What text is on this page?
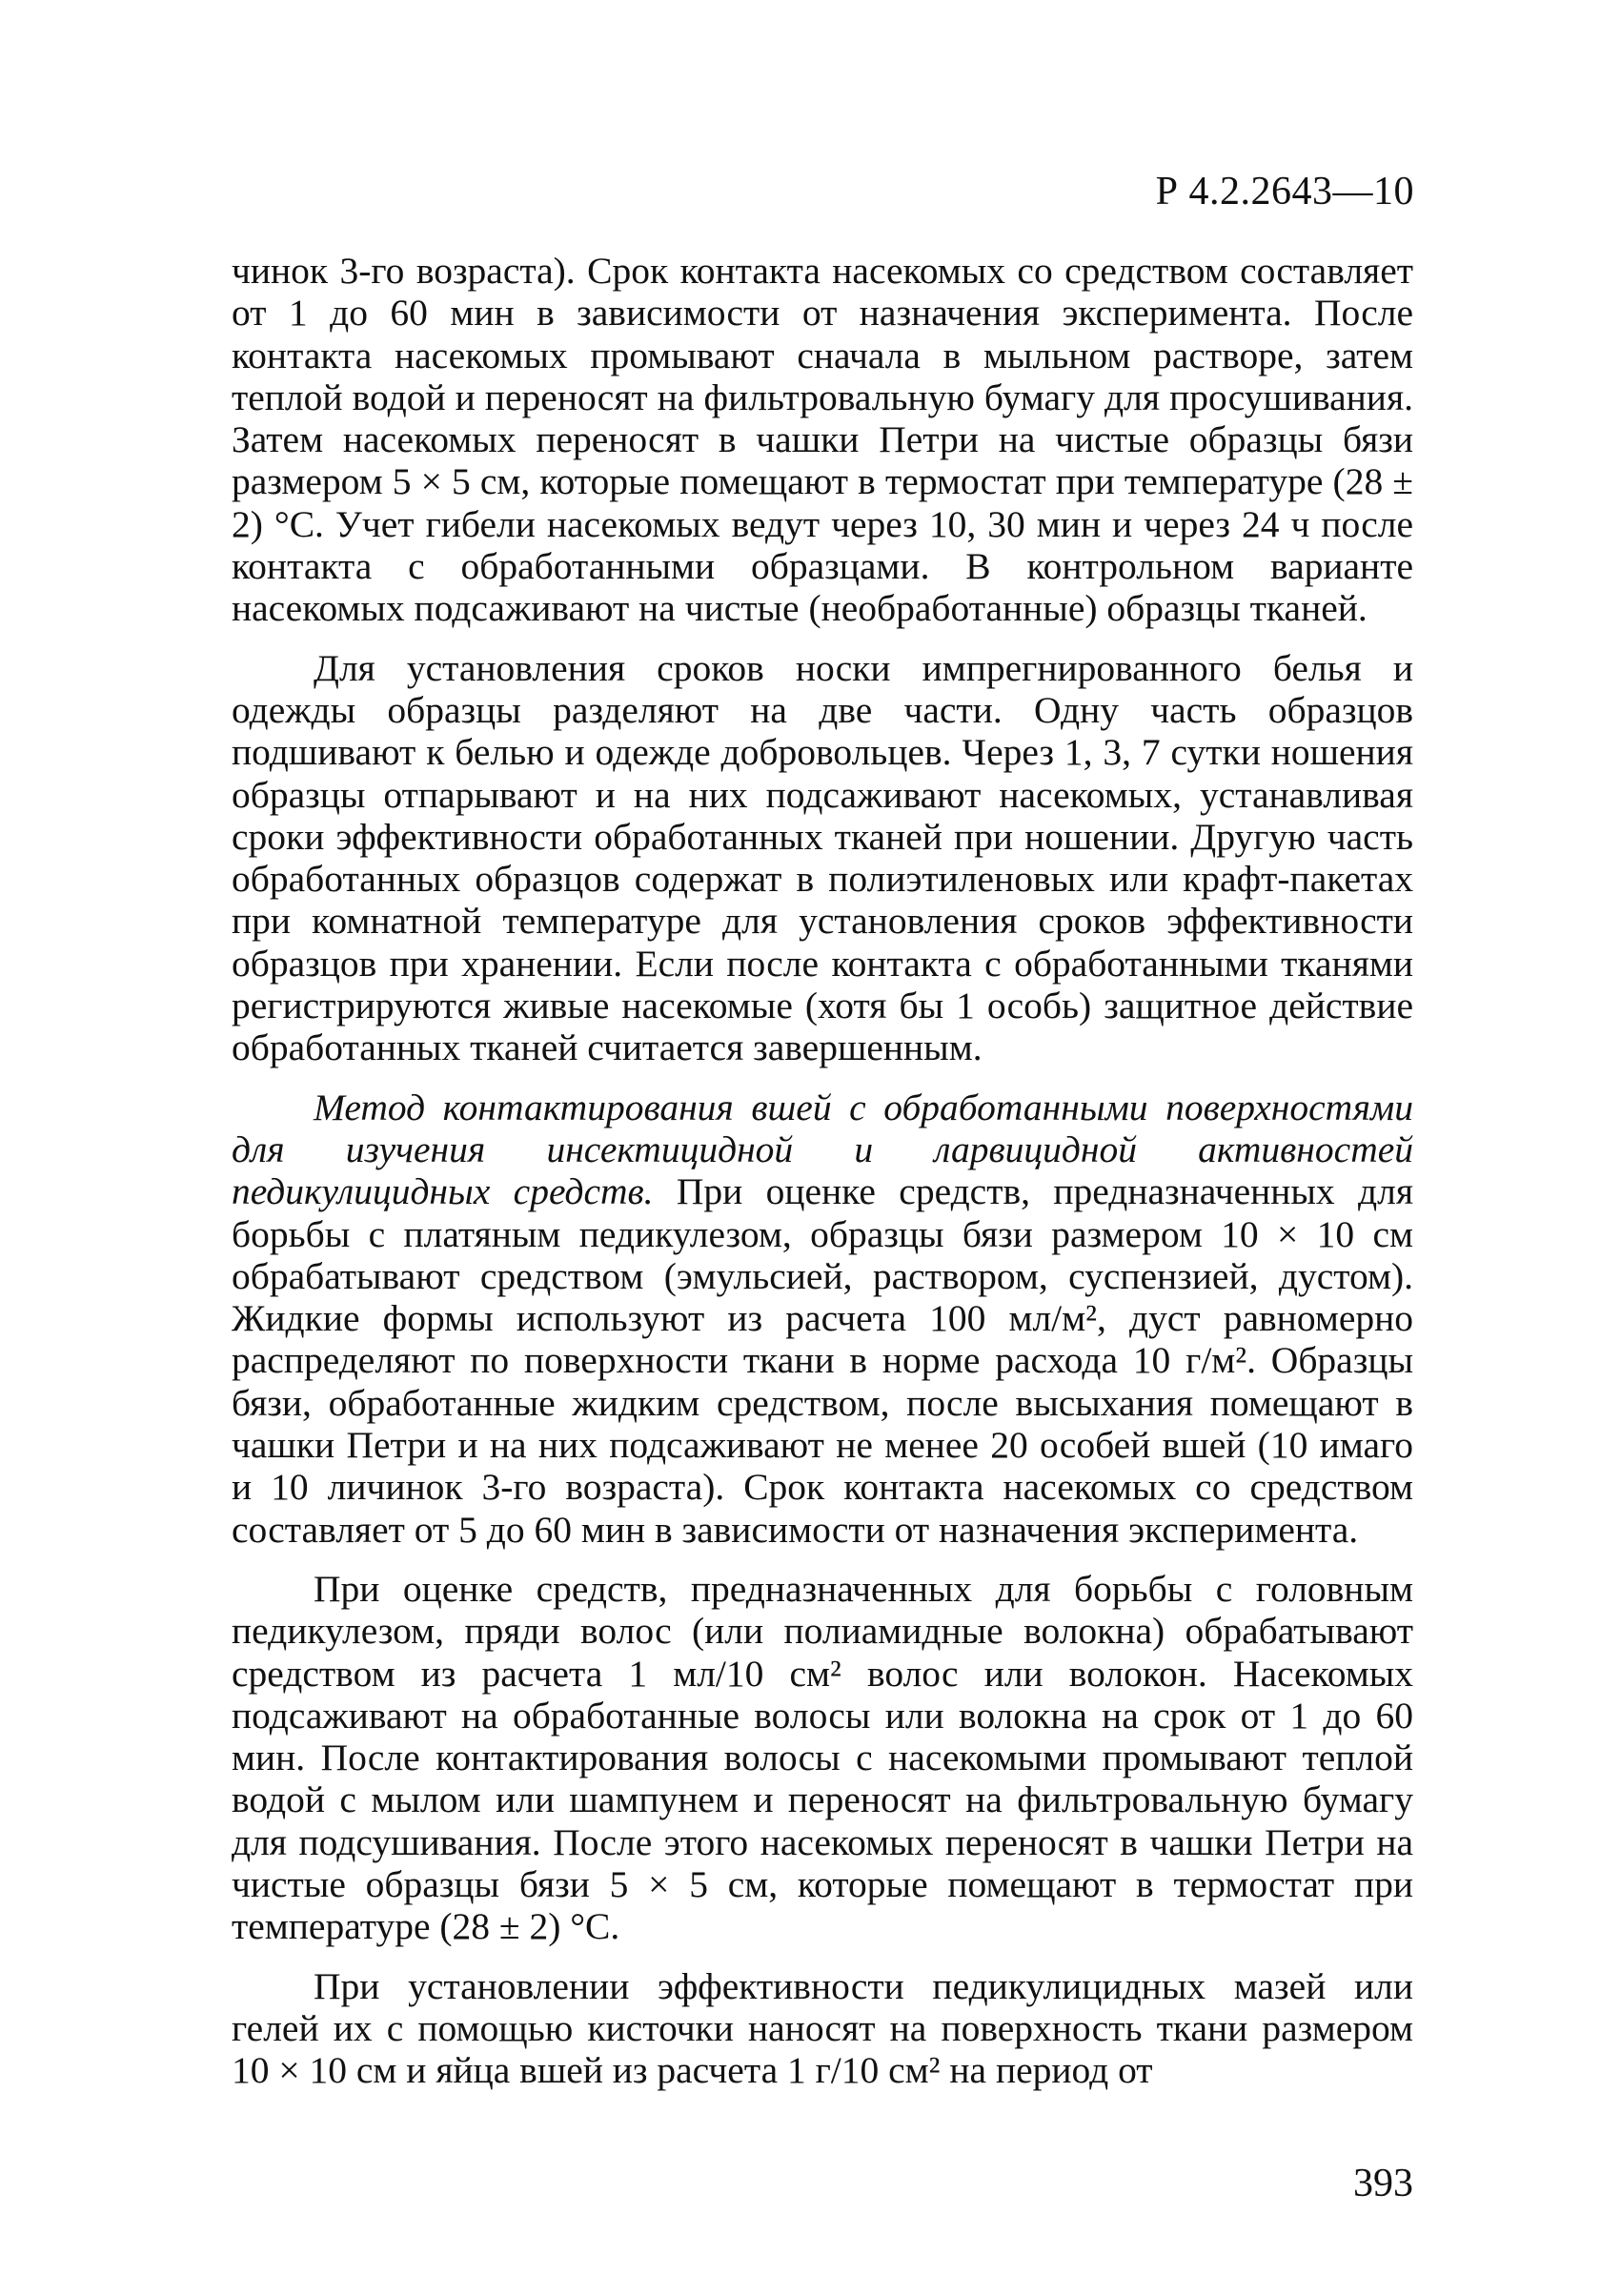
Р 4.2.2643—10

чинок 3-го возраста). Срок контакта насекомых со средством составляет от 1 до 60 мин в зависимости от назначения эксперимента. После контакта насекомых промывают сначала в мыльном растворе, затем теплой водой и переносят на фильтровальную бумагу для просушивания. Затем насекомых переносят в чашки Петри на чистые образцы бязи размером 5 × 5 см, которые помещают в термостат при температуре (28 ± 2) °С. Учет гибели насекомых ведут через 10, 30 мин и через 24 ч после контакта с обработанными образцами. В контрольном варианте насекомых подсаживают на чистые (необработанные) образцы тканей.

Для установления сроков носки импрегнированного белья и одежды образцы разделяют на две части. Одну часть образцов подшивают к белью и одежде добровольцев. Через 1, 3, 7 сутки ношения образцы отпарывают и на них подсаживают насекомых, устанавливая сроки эффективности обработанных тканей при ношении. Другую часть обработанных образцов содержат в полиэтиленовых или крафт-пакетах при комнатной температуре для установления сроков эффективности образцов при хранении. Если после контакта с обработанными тканями регистрируются живые насекомые (хотя бы 1 особь) защитное действие обработанных тканей считается завершенным.

Метод контактирования вшей с обработанными поверхностями для изучения инсектицидной и ларвицидной активностей педикулицидных средств. При оценке средств, предназначенных для борьбы с платяным педикулезом, образцы бязи размером 10 × 10 см обрабатывают средством (эмульсией, раствором, суспензией, дустом). Жидкие формы используют из расчета 100 мл/м², дуст равномерно распределяют по поверхности ткани в норме расхода 10 г/м². Образцы бязи, обработанные жидким средством, после высыхания помещают в чашки Петри и на них подсаживают не менее 20 особей вшей (10 имаго и 10 личинок 3-го возраста). Срок контакта насекомых со средством составляет от 5 до 60 мин в зависимости от назначения эксперимента.

При оценке средств, предназначенных для борьбы с головным педикулезом, пряди волос (или полиамидные волокна) обрабатывают средством из расчета 1 мл/10 см² волос или волокон. Насекомых подсаживают на обработанные волосы или волокна на срок от 1 до 60 мин. После контактирования волосы с насекомыми промывают теплой водой с мылом или шампунем и переносят на фильтровальную бумагу для подсушивания. После этого насекомых переносят в чашки Петри на чистые образцы бязи 5 × 5 см, которые помещают в термостат при температуре (28 ± 2) °С.

При установлении эффективности педикулицидных мазей или гелей их с помощью кисточки наносят на поверхность ткани размером 10 × 10 см и яйца вшей из расчета 1 г/10 см² на период от

393
